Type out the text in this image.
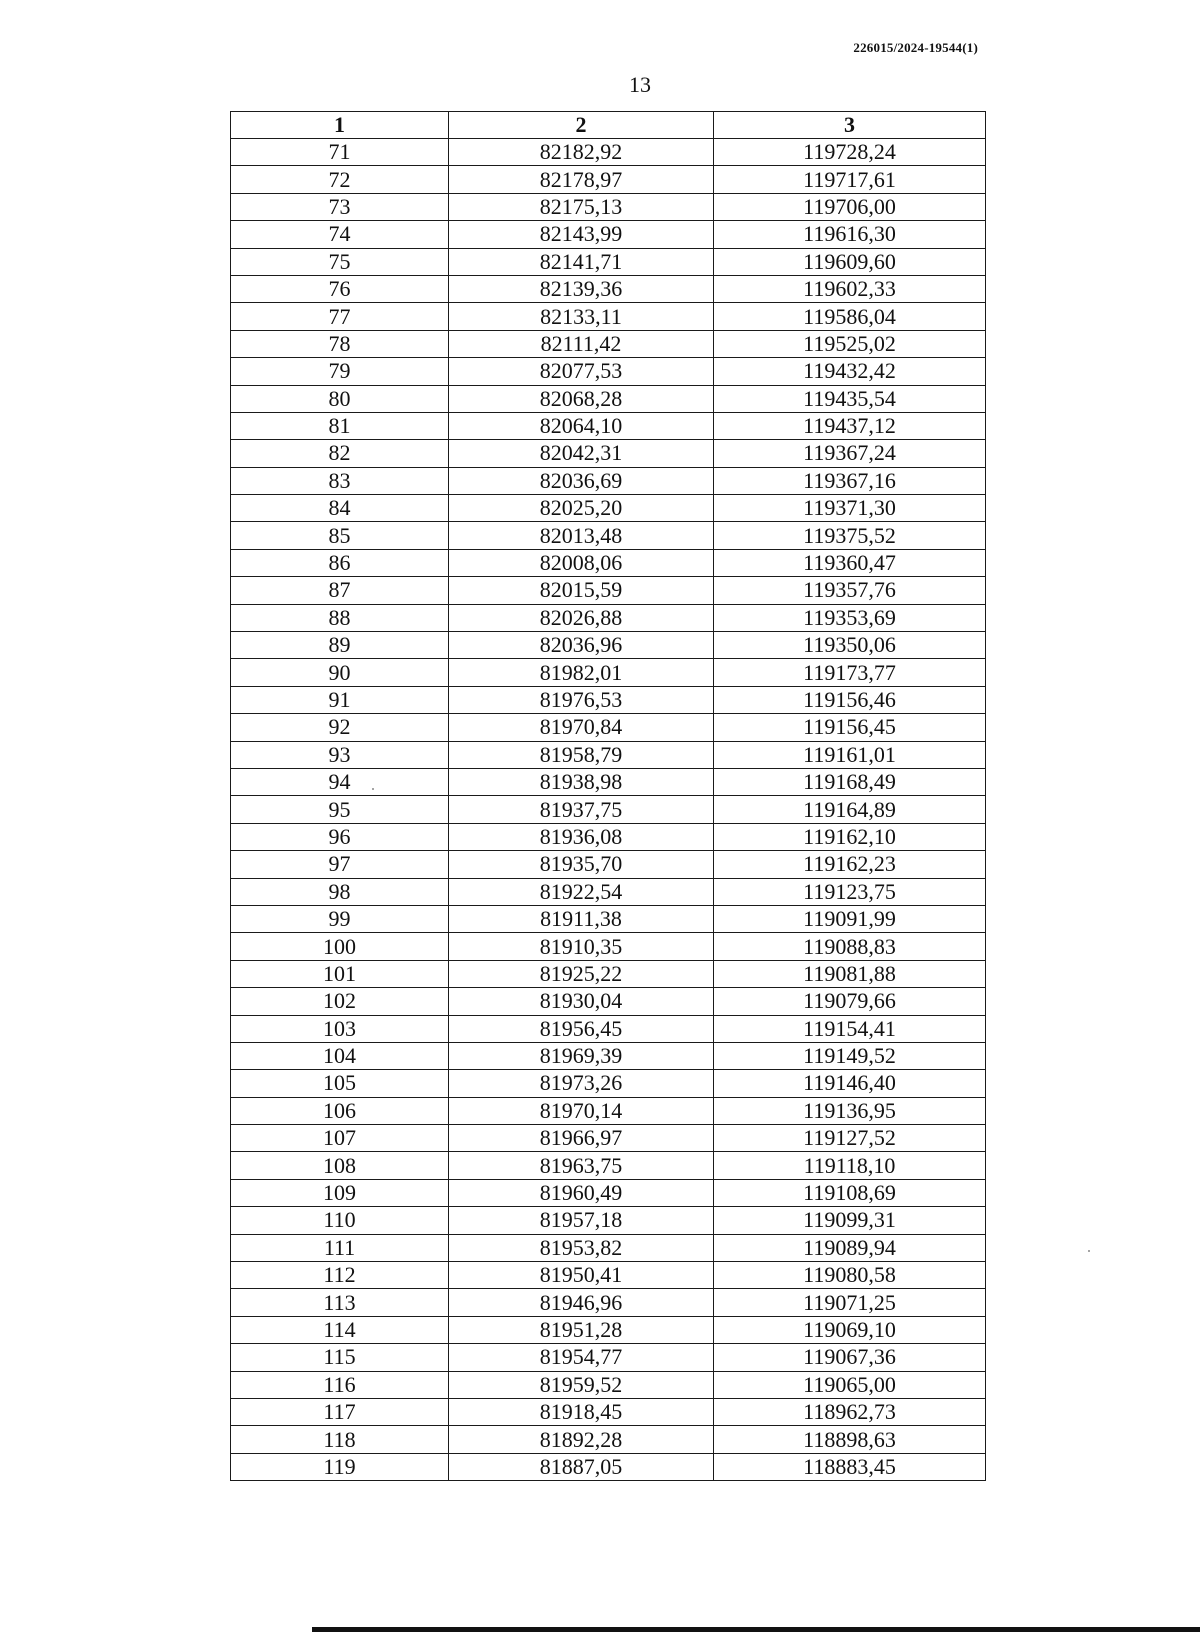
226015/2024-19544(1)
13
1	2	3
71	82182,92	119728,24
72	82178,97	119717,61
73	82175,13	119706,00
74	82143,99	119616,30
75	82141,71	119609,60
76	82139,36	119602,33
77	82133,11	119586,04
78	82111,42	119525,02
79	82077,53	119432,42
80	82068,28	119435,54
81	82064,10	119437,12
82	82042,31	119367,24
83	82036,69	119367,16
84	82025,20	119371,30
85	82013,48	119375,52
86	82008,06	119360,47
87	82015,59	119357,76
88	82026,88	119353,69
89	82036,96	119350,06
90	81982,01	119173,77
91	81976,53	119156,46
92	81970,84	119156,45
93	81958,79	119161,01
94	81938,98	119168,49
95	81937,75	119164,89
96	81936,08	119162,10
97	81935,70	119162,23
98	81922,54	119123,75
99	81911,38	119091,99
100	81910,35	119088,83
101	81925,22	119081,88
102	81930,04	119079,66
103	81956,45	119154,41
104	81969,39	119149,52
105	81973,26	119146,40
106	81970,14	119136,95
107	81966,97	119127,52
108	81963,75	119118,10
109	81960,49	119108,69
110	81957,18	119099,31
111	81953,82	119089,94
112	81950,41	119080,58
113	81946,96	119071,25
114	81951,28	119069,10
115	81954,77	119067,36
116	81959,52	119065,00
117	81918,45	118962,73
118	81892,28	118898,63
119	81887,05	118883,45
